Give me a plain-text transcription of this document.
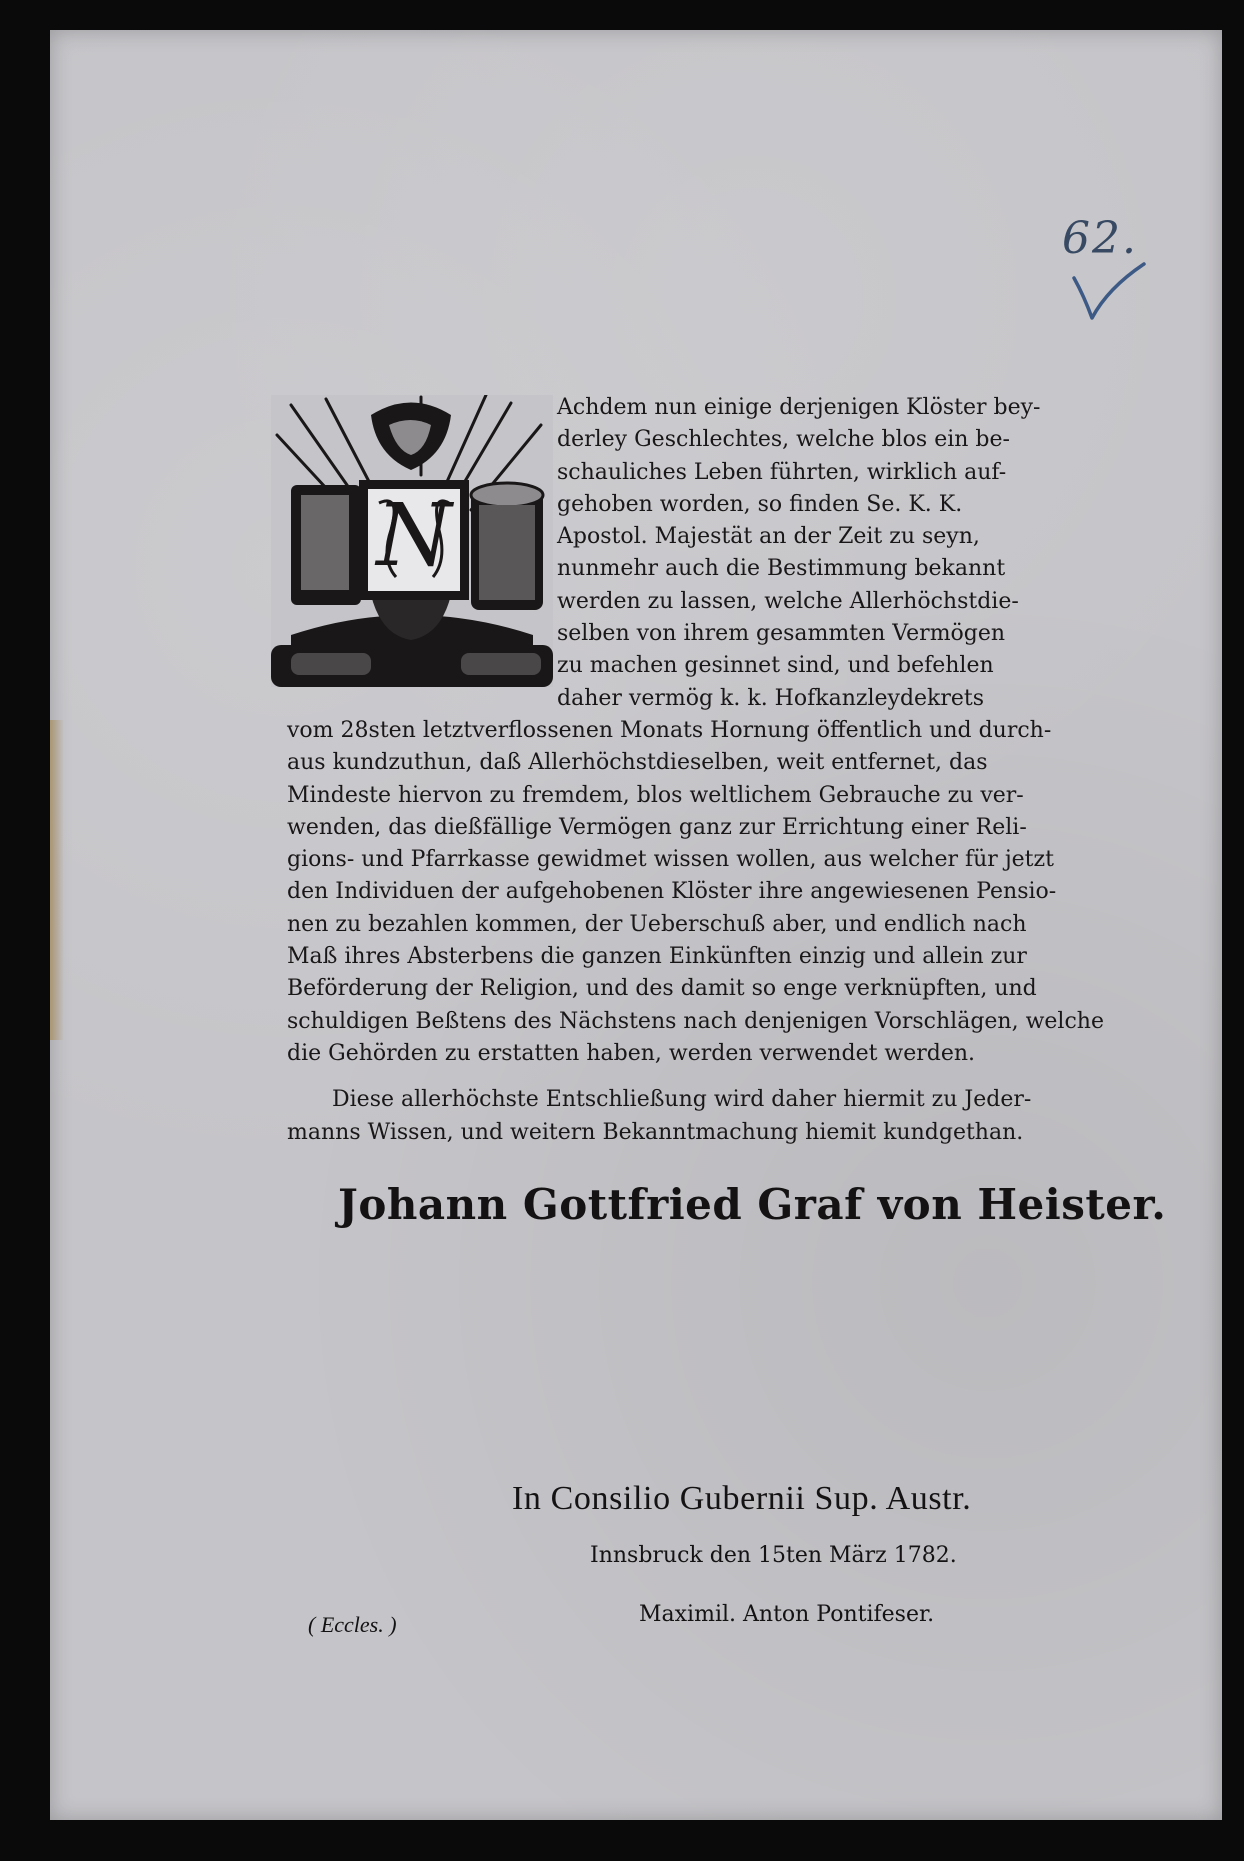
62.
N
Achdem nun einige derjenigen Klöster bey-
derley Geschlechtes, welche blos ein be-
schauliches Leben führten, wirklich auf-
gehoben worden, so finden Se. K. K.
Apostol. Majestät an der Zeit zu seyn,
nunmehr auch die Bestimmung bekannt
werden zu lassen, welche Allerhöchstdie-
selben von ihrem gesammten Vermögen
zu machen gesinnet sind, und befehlen
daher vermög k. k. Hofkanzleydekrets
vom 28sten letztverflossenen Monats Hornung öffentlich und durch-
aus kundzuthun, daß Allerhöchstdieselben, weit entfernet, das
Mindeste hiervon zu fremdem, blos weltlichem Gebrauche zu ver-
wenden, das dießfällige Vermögen ganz zur Errichtung einer Reli-
gions- und Pfarrkasse gewidmet wissen wollen, aus welcher für jetzt
den Individuen der aufgehobenen Klöster ihre angewiesenen Pensio-
nen zu bezahlen kommen, der Ueberschuß aber, und endlich nach
Maß ihres Absterbens die ganzen Einkünften einzig und allein zur
Beförderung der Religion, und des damit so enge verknüpften, und
schuldigen Beßtens des Nächstens nach denjenigen Vorschlägen, welche
die Gehörden zu erstatten haben, werden verwendet werden.
Diese allerhöchste Entschließung wird daher hiermit zu Jeder-
manns Wissen, und weitern Bekanntmachung hiemit kundgethan.
Johann Gottfried Graf von Heister.
In Consilio Gubernii Sup. Austr.
Innsbruck den 15ten März 1782.
Maximil. Anton Pontifeser.
( Eccles. )
